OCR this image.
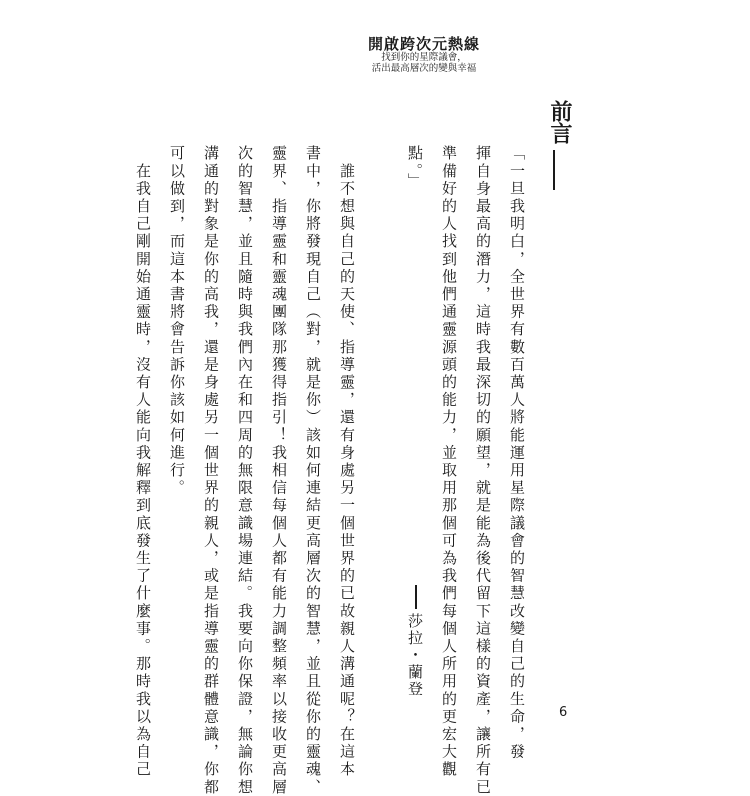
開啟跨次元熱線
找到你的星際議會，
活出最高層次的變與幸福
前言
「一旦我明白，全世界有數百萬人將能運用星際議會的智慧改變自己的生命，發
揮自身最高的潛力，這時我最深切的願望，就是能為後代留下這樣的資產，讓所有已
準備好的人找到他們通靈源頭的能力，並取用那個可為我們每個人所用的更宏大觀
點。」
莎拉・蘭登
　誰不想與自己的天使、指導靈，還有身處另一個世界的已故親人溝通呢？在這本
書中，你將發現自己（對，就是你）該如何連結更高層次的智慧，並且從你的靈魂、
靈界、指導靈和靈魂團隊那獲得指引！我相信每個人都有能力調整頻率以接收更高層
次的智慧，並且隨時與我們內在和四周的無限意識場連結。我要向你保證，無論你想
溝通的對象是你的高我，還是身處另一個世界的親人，或是指導靈的群體意識，你都
可以做到，而這本書將會告訴你該如何進行。
　在我自己剛開始通靈時，沒有人能向我解釋到底發生了什麼事。那時我以為自己	6
